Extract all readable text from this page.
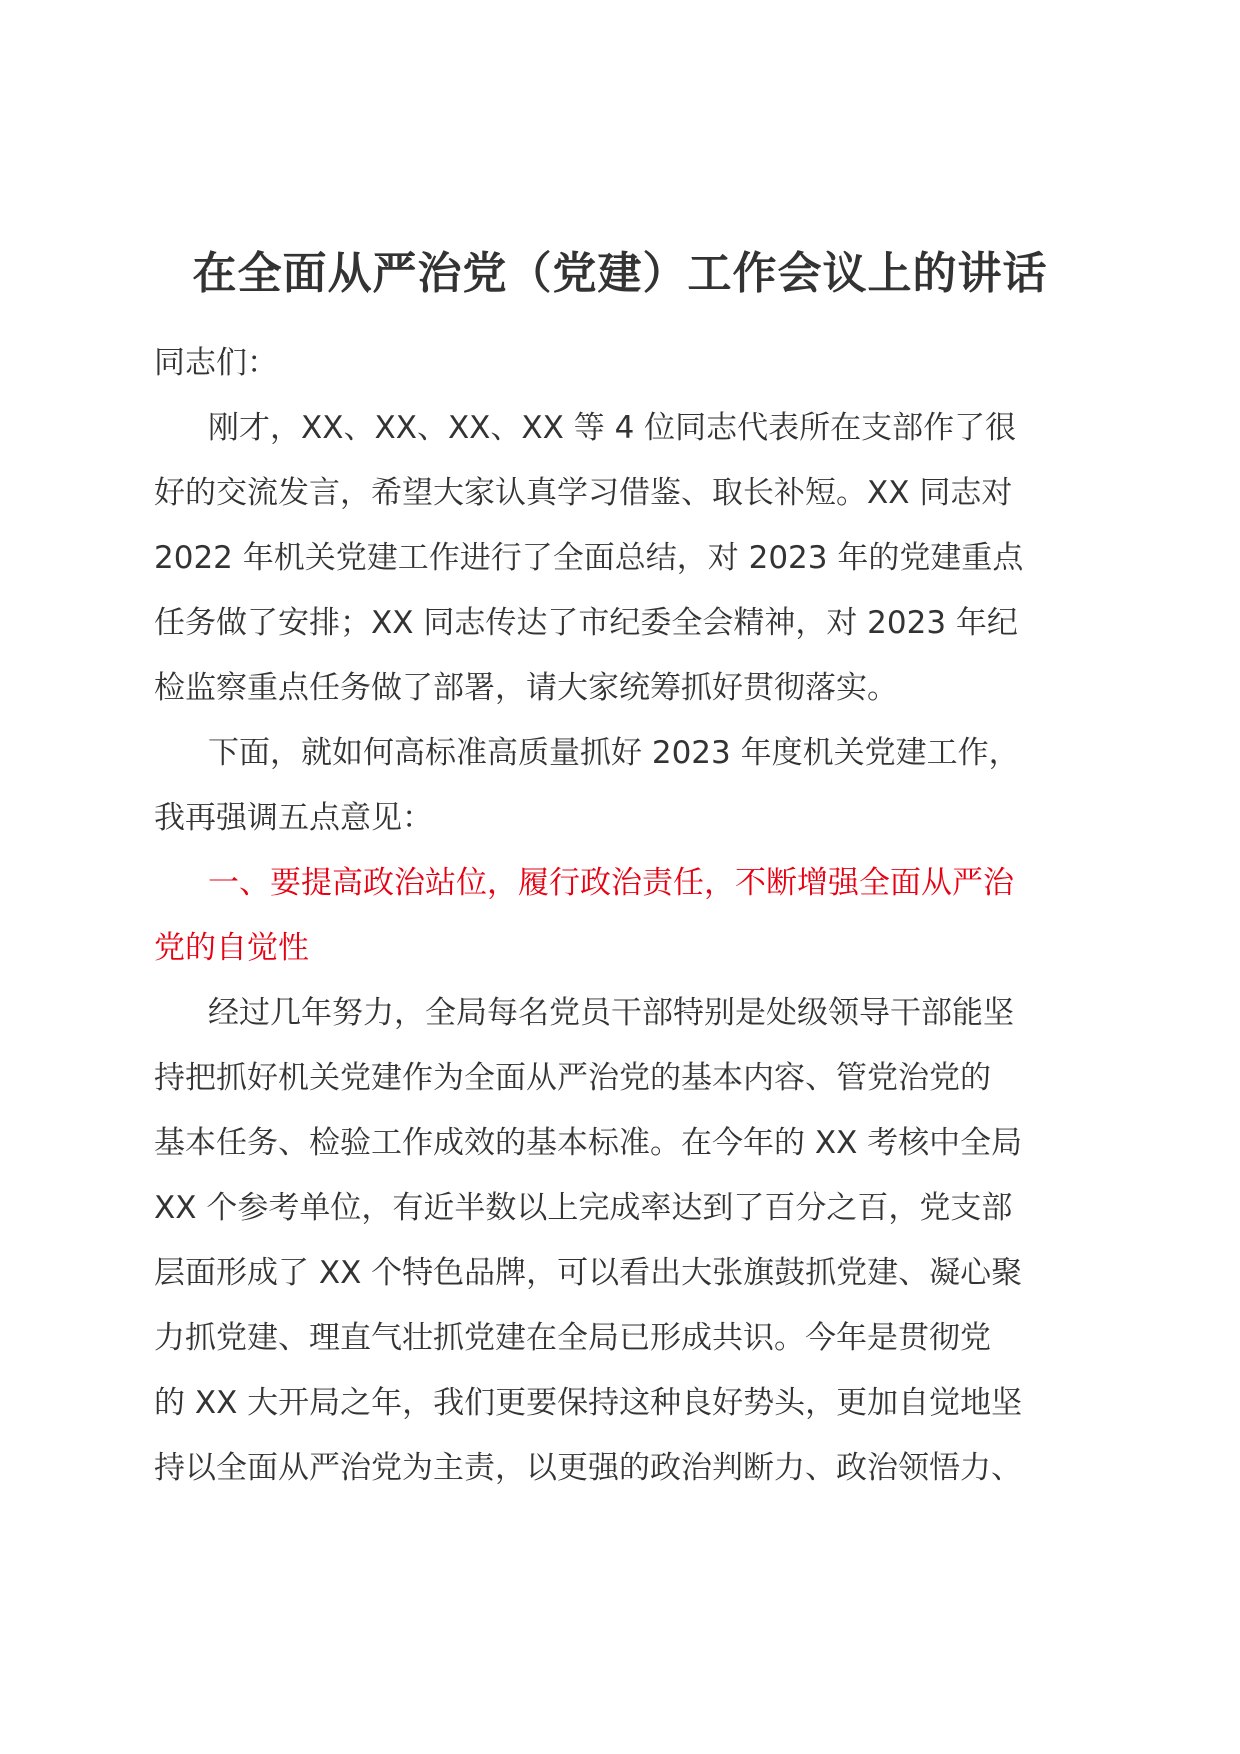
在全面从严治党（党建）工作会议上的讲话
同志们：
刚才，XX、XX、XX、XX 等 4 位同志代表所在支部作了很
好的交流发言，希望大家认真学习借鉴、取长补短。XX 同志对
2022 年机关党建工作进行了全面总结，对 2023 年的党建重点
任务做了安排；XX 同志传达了市纪委全会精神，对 2023 年纪
检监察重点任务做了部署，请大家统筹抓好贯彻落实。
下面，就如何高标准高质量抓好 2023 年度机关党建工作，
我再强调五点意见：
一、要提高政治站位，履行政治责任，不断增强全面从严治
党的自觉性
经过几年努力，全局每名党员干部特别是处级领导干部能坚
持把抓好机关党建作为全面从严治党的基本内容、管党治党的
基本任务、检验工作成效的基本标准。在今年的 XX 考核中全局
XX 个参考单位，有近半数以上完成率达到了百分之百，党支部
层面形成了 XX 个特色品牌，可以看出大张旗鼓抓党建、凝心聚
力抓党建、理直气壮抓党建在全局已形成共识。今年是贯彻党
的 XX 大开局之年，我们更要保持这种良好势头，更加自觉地坚
持以全面从严治党为主责，以更强的政治判断力、政治领悟力、
